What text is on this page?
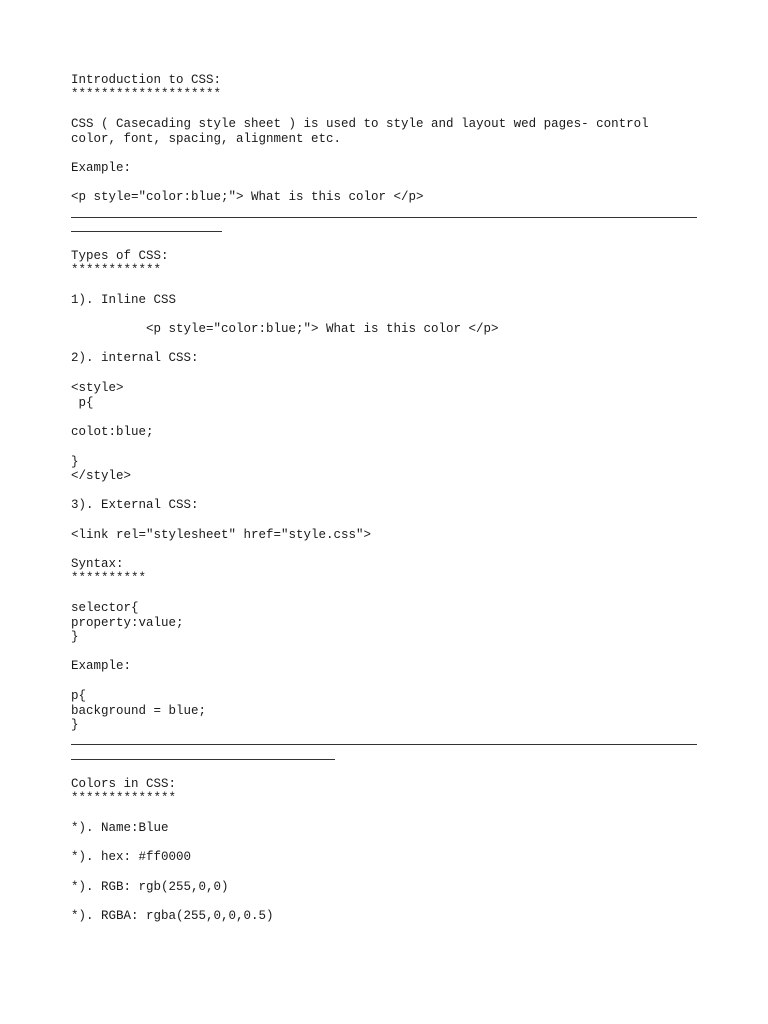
Introduction to CSS:
********************
CSS ( Casecading style sheet ) is used to style and layout wed pages- control
color, font, spacing, alignment etc.
Example:
<p style="color:blue;"> What is this color </p>
Types of CSS:
************
1). Inline CSS
<p style="color:blue;"> What is this color </p>
2). internal CSS:
<style>
p{
colot:blue;
}
</style>
3). External CSS:
<link rel="stylesheet" href="style.css">
Syntax:
**********
selector{
property:value;
}
Example:
p{
background = blue;
}
Colors in CSS:
**************
*). Name:Blue
*). hex: #ff0000
*). RGB: rgb(255,0,0)
*). RGBA: rgba(255,0,0,0.5)
